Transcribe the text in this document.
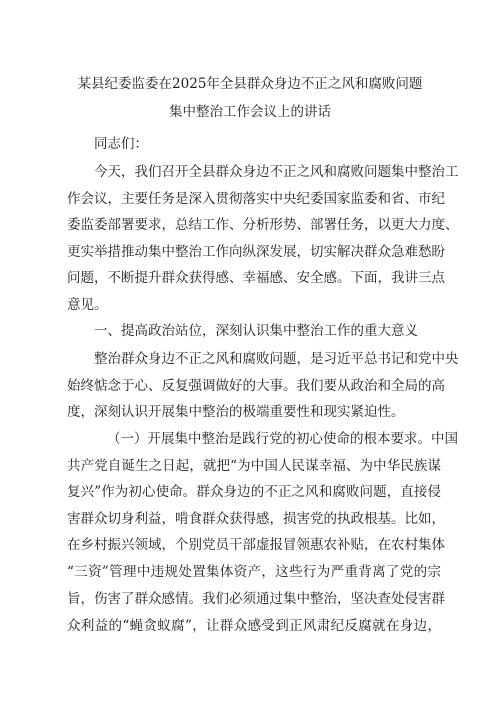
某县纪委监委在2025年全县群众身边不正之风和腐败问题
集中整治工作会议上的讲话
同志们：
今天，我们召开全县群众身边不正之风和腐败问题集中整治工
作会议，主要任务是深入贯彻落实中央纪委国家监委和省、市纪
委监委部署要求，总结工作、分析形势、部署任务，以更大力度、
更实举措推动集中整治工作向纵深发展，切实解决群众急难愁盼
问题，不断提升群众获得感、幸福感、安全感。下面，我讲三点
意见。
一、提高政治站位，深刻认识集中整治工作的重大意义
整治群众身边不正之风和腐败问题，是习近平总书记和党中央
始终惦念于心、反复强调做好的大事。我们要从政治和全局的高
度，深刻认识开展集中整治的极端重要性和现实紧迫性。
（一）开展集中整治是践行党的初心使命的根本要求。中国
共产党自诞生之日起，就把“为中国人民谋幸福、为中华民族谋
复兴”作为初心使命。群众身边的不正之风和腐败问题，直接侵
害群众切身利益，啃食群众获得感，损害党的执政根基。比如，
在乡村振兴领域，个别党员干部虚报冒领惠农补贴，在农村集体
“三资”管理中违规处置集体资产，这些行为严重背离了党的宗
旨，伤害了群众感情。我们必须通过集中整治，坚决查处侵害群
众利益的“蝇贪蚁腐”，让群众感受到正风肃纪反腐就在身边，
